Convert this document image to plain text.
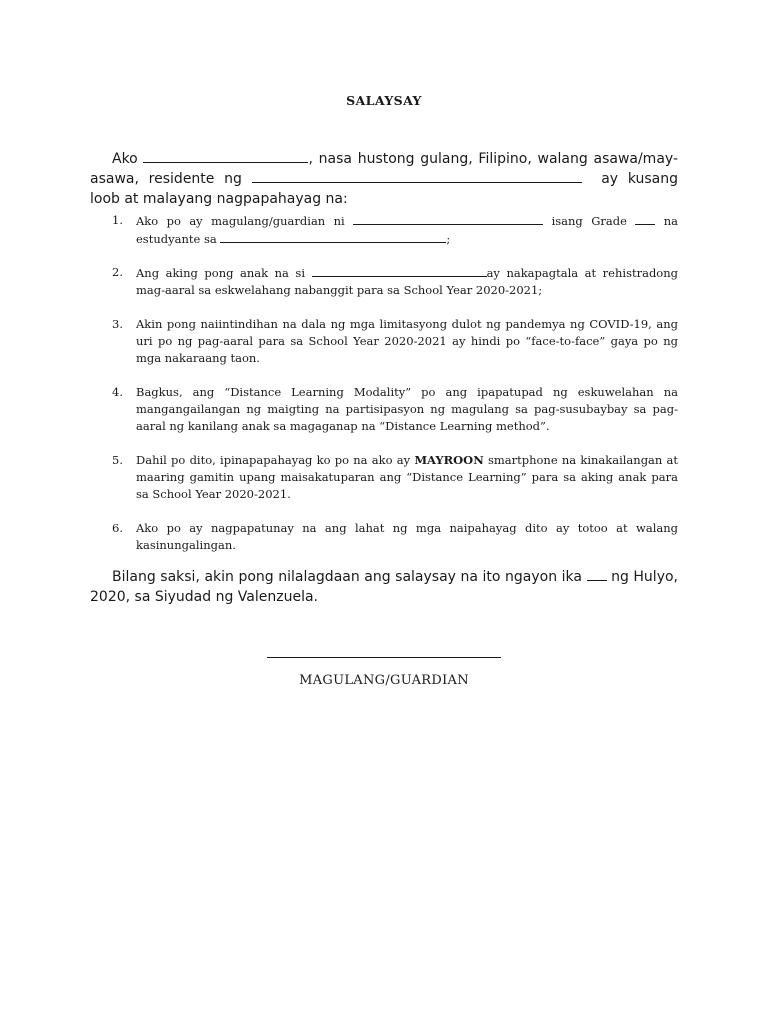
SALAYSAY
Ako	, nasa hustong gulang, Filipino, walang asawa/may-asawa, residente ng	ay kusang loob at malayang nagpapahayag na:
1. Ako po ay magulang/guardian ni	isang Grade	na estudyante sa	;
2. Ang aking pong anak na si	ay nakapagtala at rehistradong mag-aaral sa eskwelahang nabanggit para sa School Year 2020-2021;
3. Akin pong naiintindihan na dala ng mga limitasyong dulot ng pandemya ng COVID-19, ang uri po ng pag-aaral para sa School Year 2020-2021 ay hindi po “face-to-face” gaya po ng mga nakaraang taon.
4. Bagkus, ang “Distance Learning Modality” po ang ipapatupad ng eskuwelahan na mangangailangan ng maigting na partisipasyon ng magulang sa pag-susubaybay sa pag-aaral ng kanilang anak sa magaganap na “Distance Learning method”.
5. Dahil po dito, ipinapapahayag ko po na ako ay MAYROON smartphone na kinakailangan at maaring gamitin upang maisakatuparan ang “Distance Learning” para sa aking anak para sa School Year 2020-2021.
6. Ako po ay nagpapatunay na ang lahat ng mga naipahayag dito ay totoo at walang kasinungalingan.
Bilang saksi, akin pong nilalagdaan ang salaysay na ito ngayon ika ng Hulyo, 2020, sa Siyudad ng Valenzuela.
MAGULANG/GUARDIAN
